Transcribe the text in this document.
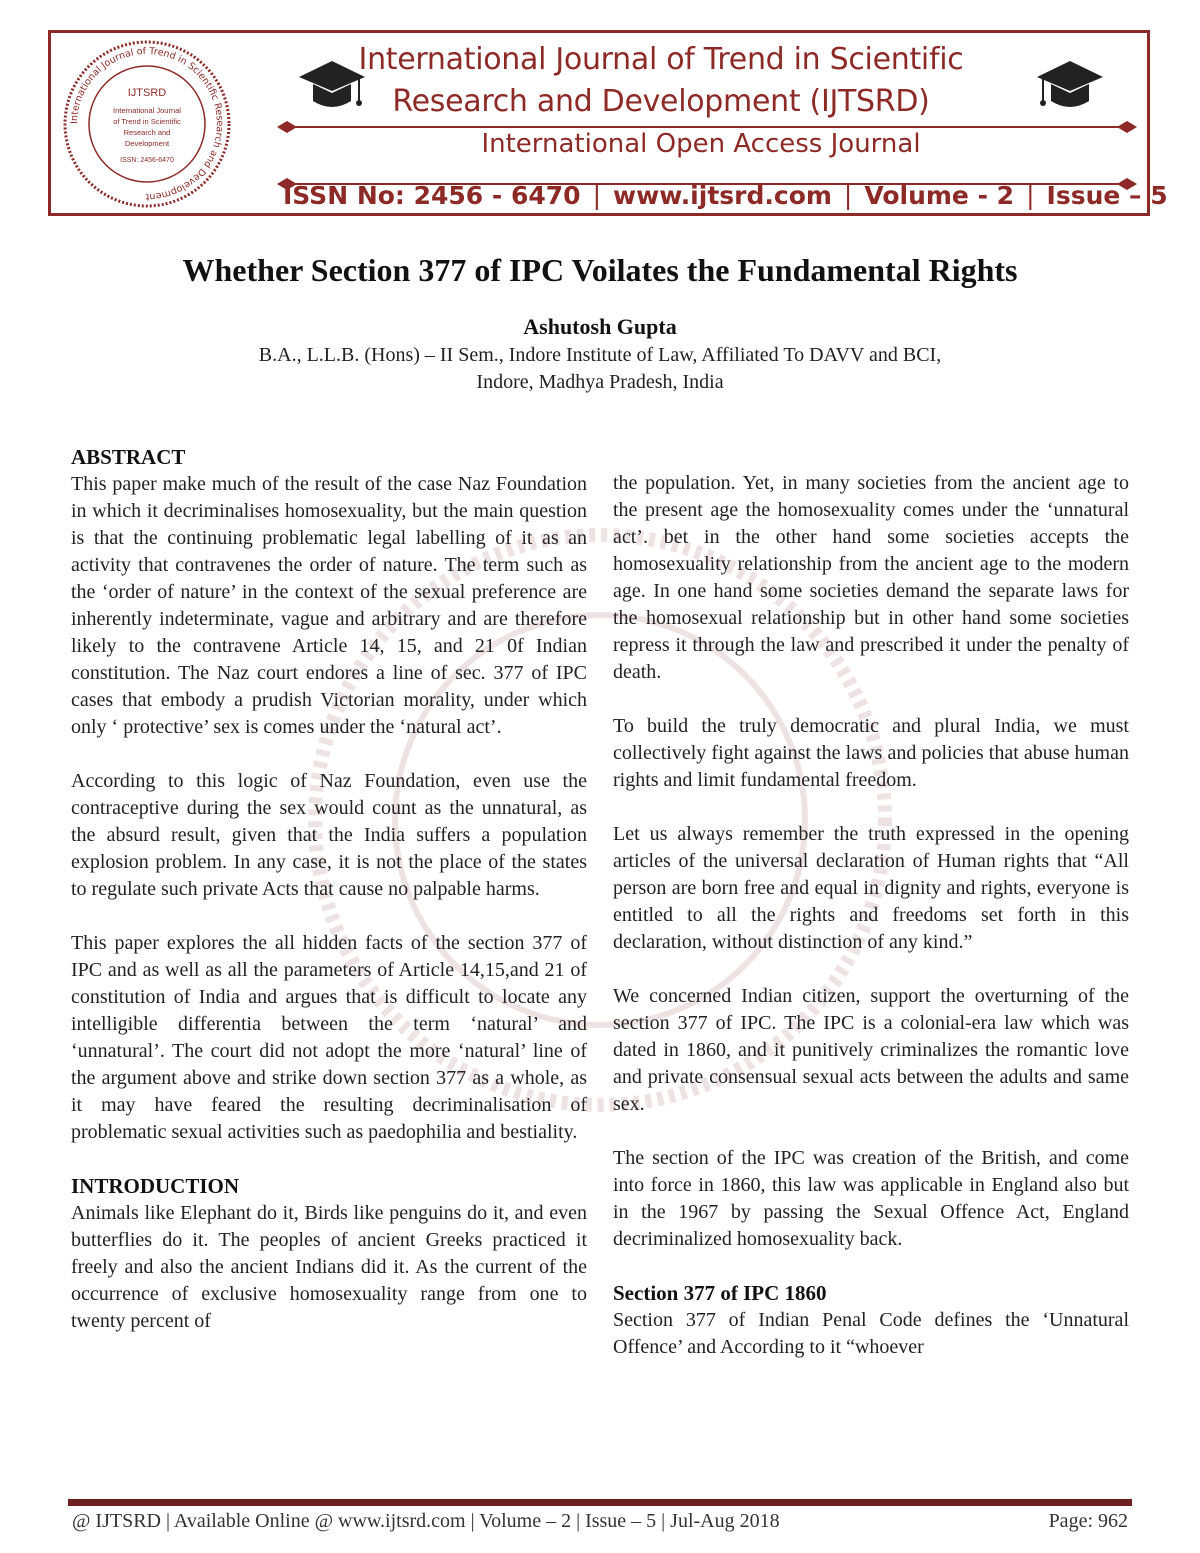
International Journal of Trend in Scientific Research and Development
IJTSRD
International Journal
of Trend in Scientific
Research and
Development
ISSN: 2456-6470
International Journal of Trend in Scientific
Research and Development (IJTSRD)
International Open Access Journal
ISSN No: 2456 - 6470 | www.ijtsrd.com | Volume - 2 | Issue – 5
Whether Section 377 of IPC Voilates the Fundamental Rights
Ashutosh Gupta
B.A., L.L.B. (Hons) – II Sem., Indore Institute of Law, Affiliated To DAVV and BCI,
Indore, Madhya Pradesh, India
ABSTRACT

This paper make much of the result of the case Naz Foundation in which it decriminalises homosexuality, but the main question is that the continuing problematic legal labelling of it as an activity that contravenes the order of nature. The term such as the ‘order of nature’ in the context of the sexual preference are inherently indeterminate, vague and arbitrary and are therefore likely to the contravene Article 14, 15, and 21 0f Indian constitution. The Naz court endores a line of sec. 377 of IPC cases that embody a prudish Victorian morality, under which only ‘ protective’ sex is comes under the ‘natural act’.

According to this logic of Naz Foundation, even use the contraceptive during the sex would count as the unnatural, as the absurd result, given that the India suffers a population explosion problem. In any case, it is not the place of the states to regulate such private Acts that cause no palpable harms.

This paper explores the all hidden facts of the section 377 of IPC and as well as all the parameters of Article 14,15,and 21 of constitution of India and argues that is difficult to locate any intelligible differentia between the term ‘natural’ and ‘unnatural’. The court did not adopt the more ‘natural’ line of the argument above and strike down section 377 as a whole, as it may have feared the resulting decriminalisation of problematic sexual activities such as paedophilia and bestiality.

INTRODUCTION

Animals like Elephant do it, Birds like penguins do it, and even butterflies do it. The peoples of ancient Greeks practiced it freely and also the ancient Indians did it. As the current of the occurrence of exclusive homosexuality range from one to twenty percent of

the population. Yet, in many societies from the ancient age to the present age the homosexuality comes under the ‘unnatural act’. bet in the other hand some societies accepts the homosexuality relationship from the ancient age to the modern age. In one hand some societies demand the separate laws for the homosexual relationship but in other hand some societies repress it through the law and prescribed it under the penalty of death.

To build the truly democratic and plural India, we must collectively fight against the laws and policies that abuse human rights and limit fundamental freedom.

Let us always remember the truth expressed in the opening articles of the universal declaration of Human rights that “All person are born free and equal in dignity and rights, everyone is entitled to all the rights and freedoms set forth in this declaration, without distinction of any kind.”

We concerned Indian citizen, support the overturning of the section 377 of IPC. The IPC is a colonial-era law which was dated in 1860, and it punitively criminalizes the romantic love and private consensual sexual acts between the adults and same sex.

The section of the IPC was creation of the British, and come into force in 1860, this law was applicable in England also but in the 1967 by passing the Sexual Offence Act, England decriminalized homosexuality back.

Section 377 of IPC 1860

Section 377 of Indian Penal Code defines the ‘Unnatural Offence’ and According to it “whoever

@ IJTSRD | Available Online @ www.ijtsrd.com | Volume – 2 | Issue – 5 | Jul-Aug 2018	Page: 962
